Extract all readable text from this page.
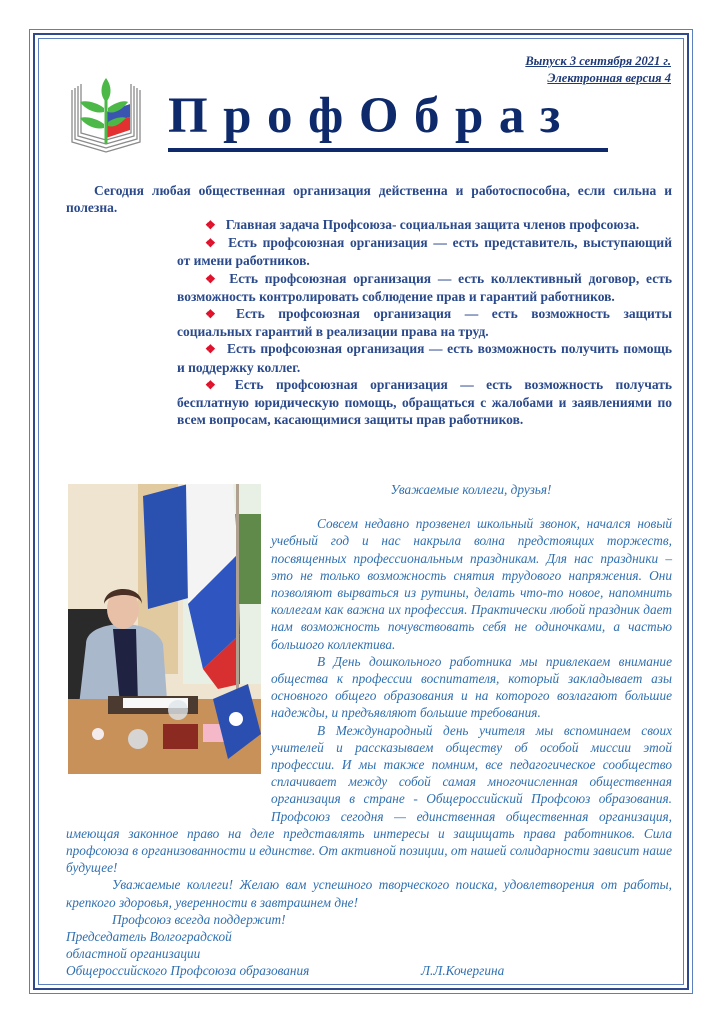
Выпуск 3 сентября 2021 г.
Электронная версия 4
ПрофОбраз
Сегодня любая общественная организация действенна и работоспособна, если сильна и полезна.

❖ Главная задача Профсоюза- социальная защита членов профсоюза.

❖ Есть профсоюзная организация — есть представитель, выступающий от имени работников.

❖ Есть профсоюзная организация — есть коллективный договор, есть возможность контролировать соблюдение прав и гарантий работников.

❖ Есть профсоюзная организация — есть возможность защиты социальных гарантий в реализации права на труд.

❖ Есть профсоюзная организация — есть возможность получить помощь и поддержку коллег.

❖ Есть профсоюзная организация — есть возможность получать бесплатную юридическую помощь, обращаться с жалобами и заявлениями по всем вопросам, касающимися защиты прав работников.

Уважаемые коллеги, друзья!

Совсем недавно прозвенел школьный звонок, начался новый учебный год и нас накрыла волна предстоящих торжеств, посвященных профессиональным праздникам. Для нас праздники – это не только возможность снятия трудового напряжения. Они позволяют вырваться из рутины, делать что-то новое, напомнить коллегам как важна их профессия. Практически любой праздник дает нам возможность почувствовать себя не одиночками, а частью большого коллектива.

В День дошкольного работника мы привлекаем внимание общества к профессии воспитателя, который закладывает азы основного общего образования и на которого возлагают большие надежды, и предъявляют большие требования.

В Международный день учителя мы вспоминаем своих учителей и рассказываем обществу об особой миссии этой профессии. И мы также помним, все педагогическое сообщество сплачивает между собой самая многочисленная общественная организация в стране - Общероссийский Профсоюз образования. Профсоюз сегодня — единственная общественная организация, имеющая законное право на деле представлять интересы и защищать права работников. Сила профсоюза в организованности и единстве. От активной позиции, от нашей солидарности зависит наше будущее!

Уважаемые коллеги! Желаю вам успешного творческого поиска, удовлетворения от работы, крепкого здоровья, уверенности в завтрашнем дне!

Профсоюз всегда поддержит!

Председатель Волгоградской

областной организации

Общероссийского Профсоюза образования	Л.Л.Кочергина
